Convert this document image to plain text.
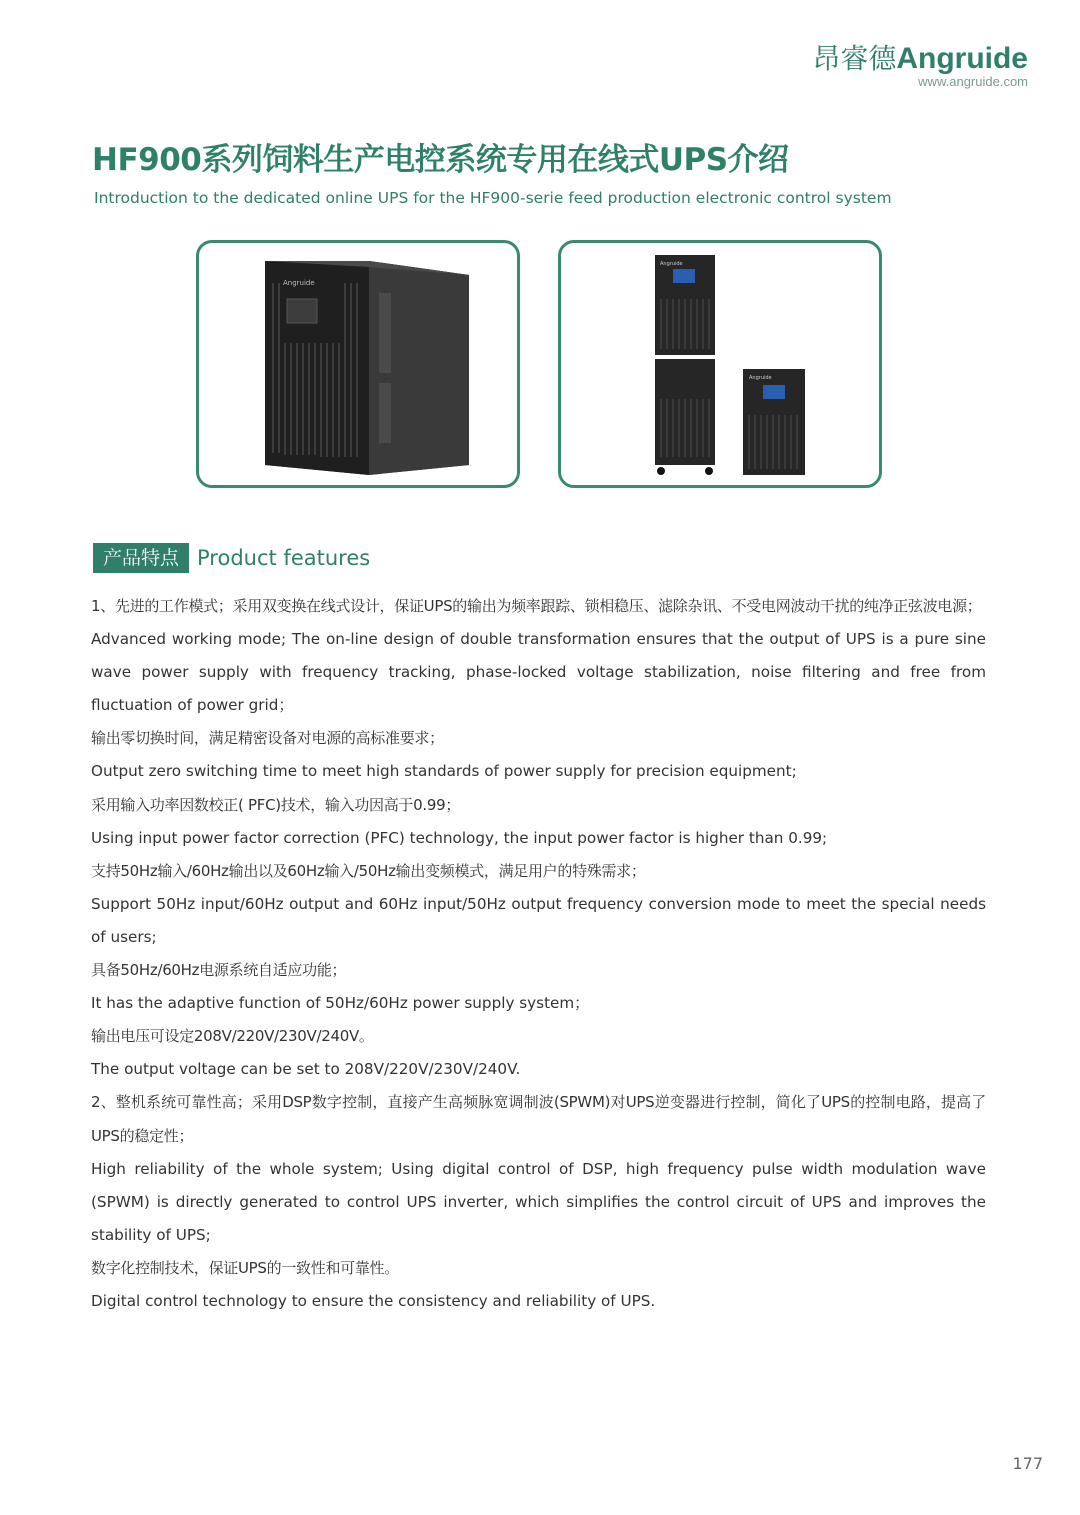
昂睿德Angruide
www.angruide.com
HF900系列饲料生产电控系统专用在线式UPS介绍
Introduction to the dedicated online UPS for the HF900-serie feed production electronic control system
Angruide
Angruide
Angruide
产品特点 Product features
1、先进的工作模式；采用双变换在线式设计，保证UPS的输出为频率跟踪、锁相稳压、滤除杂讯、不受电网波动干扰的纯净正弦波电源；
Advanced working mode; The on-line design of double transformation ensures that the output of UPS is a pure sine wave power supply with frequency tracking, phase-locked voltage stabilization, noise filtering and free from fluctuation of power grid；
输出零切换时间，满足精密设备对电源的高标准要求；
Output zero switching time to meet high standards of power supply for precision equipment;
采用输入功率因数校正( PFC)技术，输入功因高于0.99；
Using input power factor correction (PFC) technology, the input power factor is higher than 0.99;
支持50Hz输入/60Hz输出以及60Hz输入/50Hz输出变频模式，满足用户的特殊需求；
Support 50Hz input/60Hz output and 60Hz input/50Hz output frequency conversion mode to meet the special needs of users;
具备50Hz/60Hz电源系统自适应功能；
It has the adaptive function of 50Hz/60Hz power supply system；
输出电压可设定208V/220V/230V/240V。
The output voltage can be set to 208V/220V/230V/240V.
2、整机系统可靠性高；采用DSP数字控制，直接产生高频脉宽调制波(SPWM)对UPS逆变器进行控制，简化了UPS的控制电路，提高了UPS的稳定性；
High reliability of the whole system; Using digital control of DSP, high frequency pulse width modulation wave (SPWM) is directly generated to control UPS inverter, which simplifies the control circuit of UPS and improves the stability of UPS;
数字化控制技术，保证UPS的一致性和可靠性。
Digital control technology to ensure the consistency and reliability of UPS.
177
